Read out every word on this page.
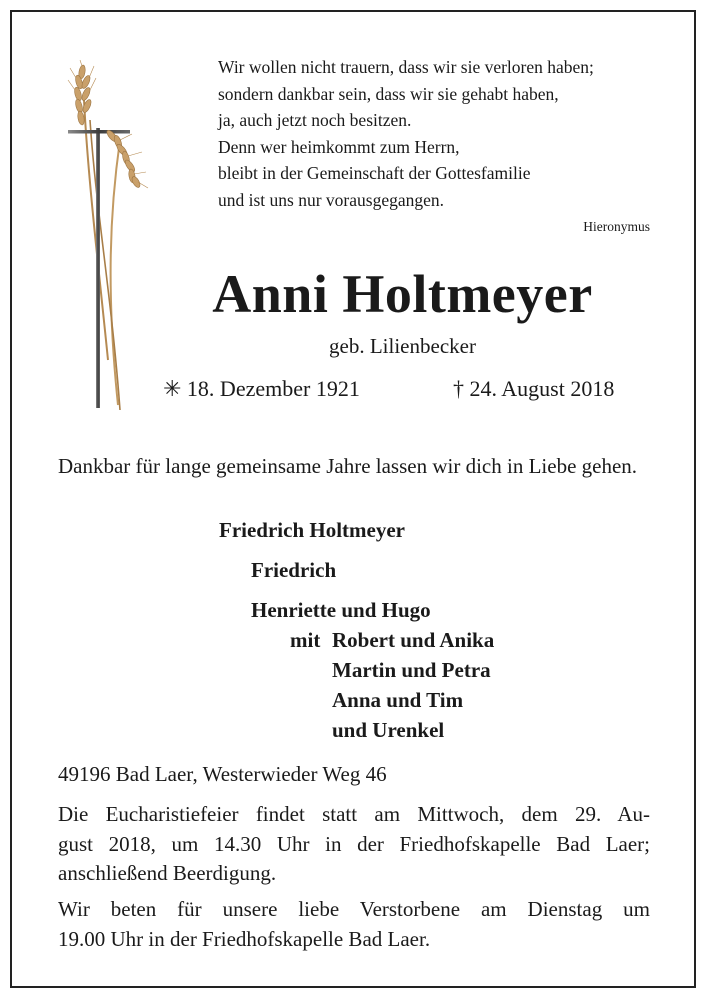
Wir wollen nicht trauern, dass wir sie verloren haben;
sondern dankbar sein, dass wir sie gehabt haben,
ja, auch jetzt noch besitzen.
Denn wer heimkommt zum Herrn,
bleibt in der Gemeinschaft der Gottesfamilie
und ist uns nur vorausgegangen.
Hieronymus
Anni Holtmeyer
geb. Lilienbecker
✳ 18. Dezember 1921	† 24. August 2018
Dankbar für lange gemeinsame Jahre lassen wir dich in Liebe gehen.
Friedrich Holtmeyer
Friedrich
Henriette und Hugo
mit Robert und Anika
Martin und Petra
Anna und Tim
und Urenkel
49196 Bad Laer, Westerwieder Weg 46
Die Eucharistiefeier findet statt am Mittwoch, dem 29. Au-
gust 2018, um 14.30 Uhr in der Friedhofskapelle Bad Laer;
anschließend Beerdigung.
Wir beten für unsere liebe Verstorbene am Dienstag um
19.00 Uhr in der Friedhofskapelle Bad Laer.
